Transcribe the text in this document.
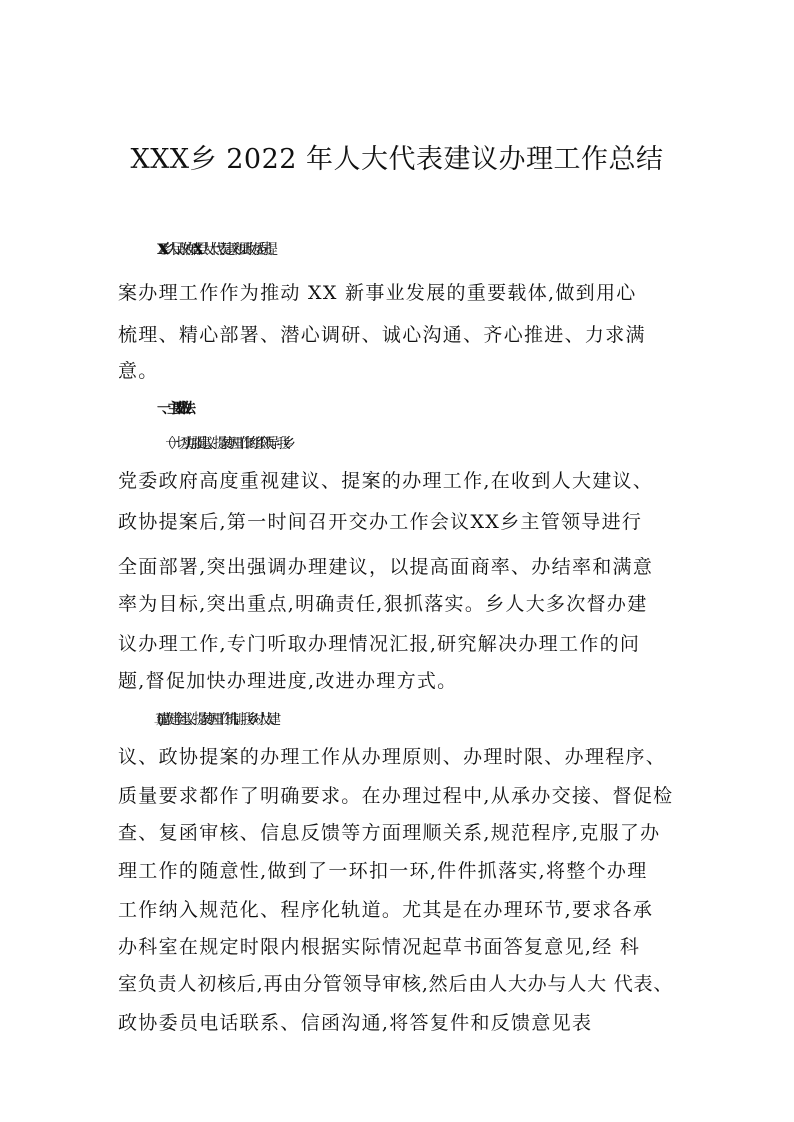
XXX乡 2022 年人大代表建议办理工作总结
XXX乡人民政府始XX县人大代表建议和县政协委员提
案办理工作作为推动 XX 新事业发展的重要载体,做到用心
梳理、精心部署、潜心调研、诚心沟通、齐心推进、力求满
意。
一、主要做法
（一）切实加强建议、提案办理工作的组织领导。我乡
党委政府高度重视建议、提案的办理工作,在收到人大建议、
政协提案后,第一时间召开交办工作会议XX乡主管领导进行
全面部署,突出强调办理建议，以提高面商率、办结率和满意
率为目标,突出重点,明确责任,狠抓落实。乡人大多次督办建
议办理工作,专门听取办理情况汇报,研究解决办理工作的问
题,督促加快办理进度,改进办理方式。
(二)建立健全建议、提案办理工作机制。我乡对人大建
议、政协提案的办理工作从办理原则、办理时限、办理程序、
质量要求都作了明确要求。在办理过程中,从承办交接、督促检
查、复函审核、信息反馈等方面理顺关系,规范程序,克服了办
理工作的随意性,做到了一环扣一环,件件抓落实,将整个办理
工作纳入规范化、程序化轨道。尤其是在办理环节,要求各承
办科室在规定时限内根据实际情况起草书面答复意见,经 科
室负责人初核后,再由分管领导审核,然后由人大办与人大 代表、
政协委员电话联系、信函沟通,将答复件和反馈意见表
